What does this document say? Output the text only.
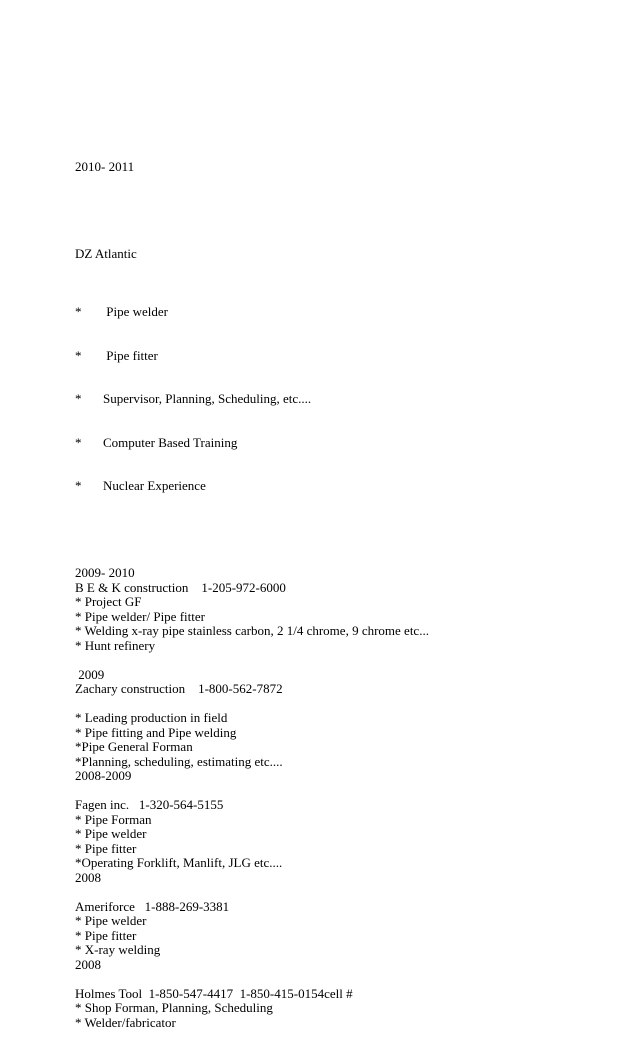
2010- 2011

DZ Atlantic

* Pipe welder

* Pipe fitter

* Supervisor, Planning, Scheduling, etc....

* Computer Based Training

* Nuclear Experience

2009- 2010
B E & K construction    1-205-972-6000
* Project GF
* Pipe welder/ Pipe fitter
* Welding x-ray pipe stainless carbon, 2 1/4 chrome, 9 chrome etc...
* Hunt refinery
2009
Zachary construction    1-800-562-7872
* Leading production in field
* Pipe fitting and Pipe welding
*Pipe General Forman
*Planning, scheduling, estimating etc....
2008-2009
Fagen inc.   1-320-564-5155
* Pipe Forman
* Pipe welder
* Pipe fitter
*Operating Forklift, Manlift, JLG etc....
2008
Ameriforce   1-888-269-3381
* Pipe welder
* Pipe fitter
* X-ray welding
2008
Holmes Tool  1-850-547-4417  1-850-415-0154cell #
* Shop Forman, Planning, Scheduling
* Welder/fabricator
